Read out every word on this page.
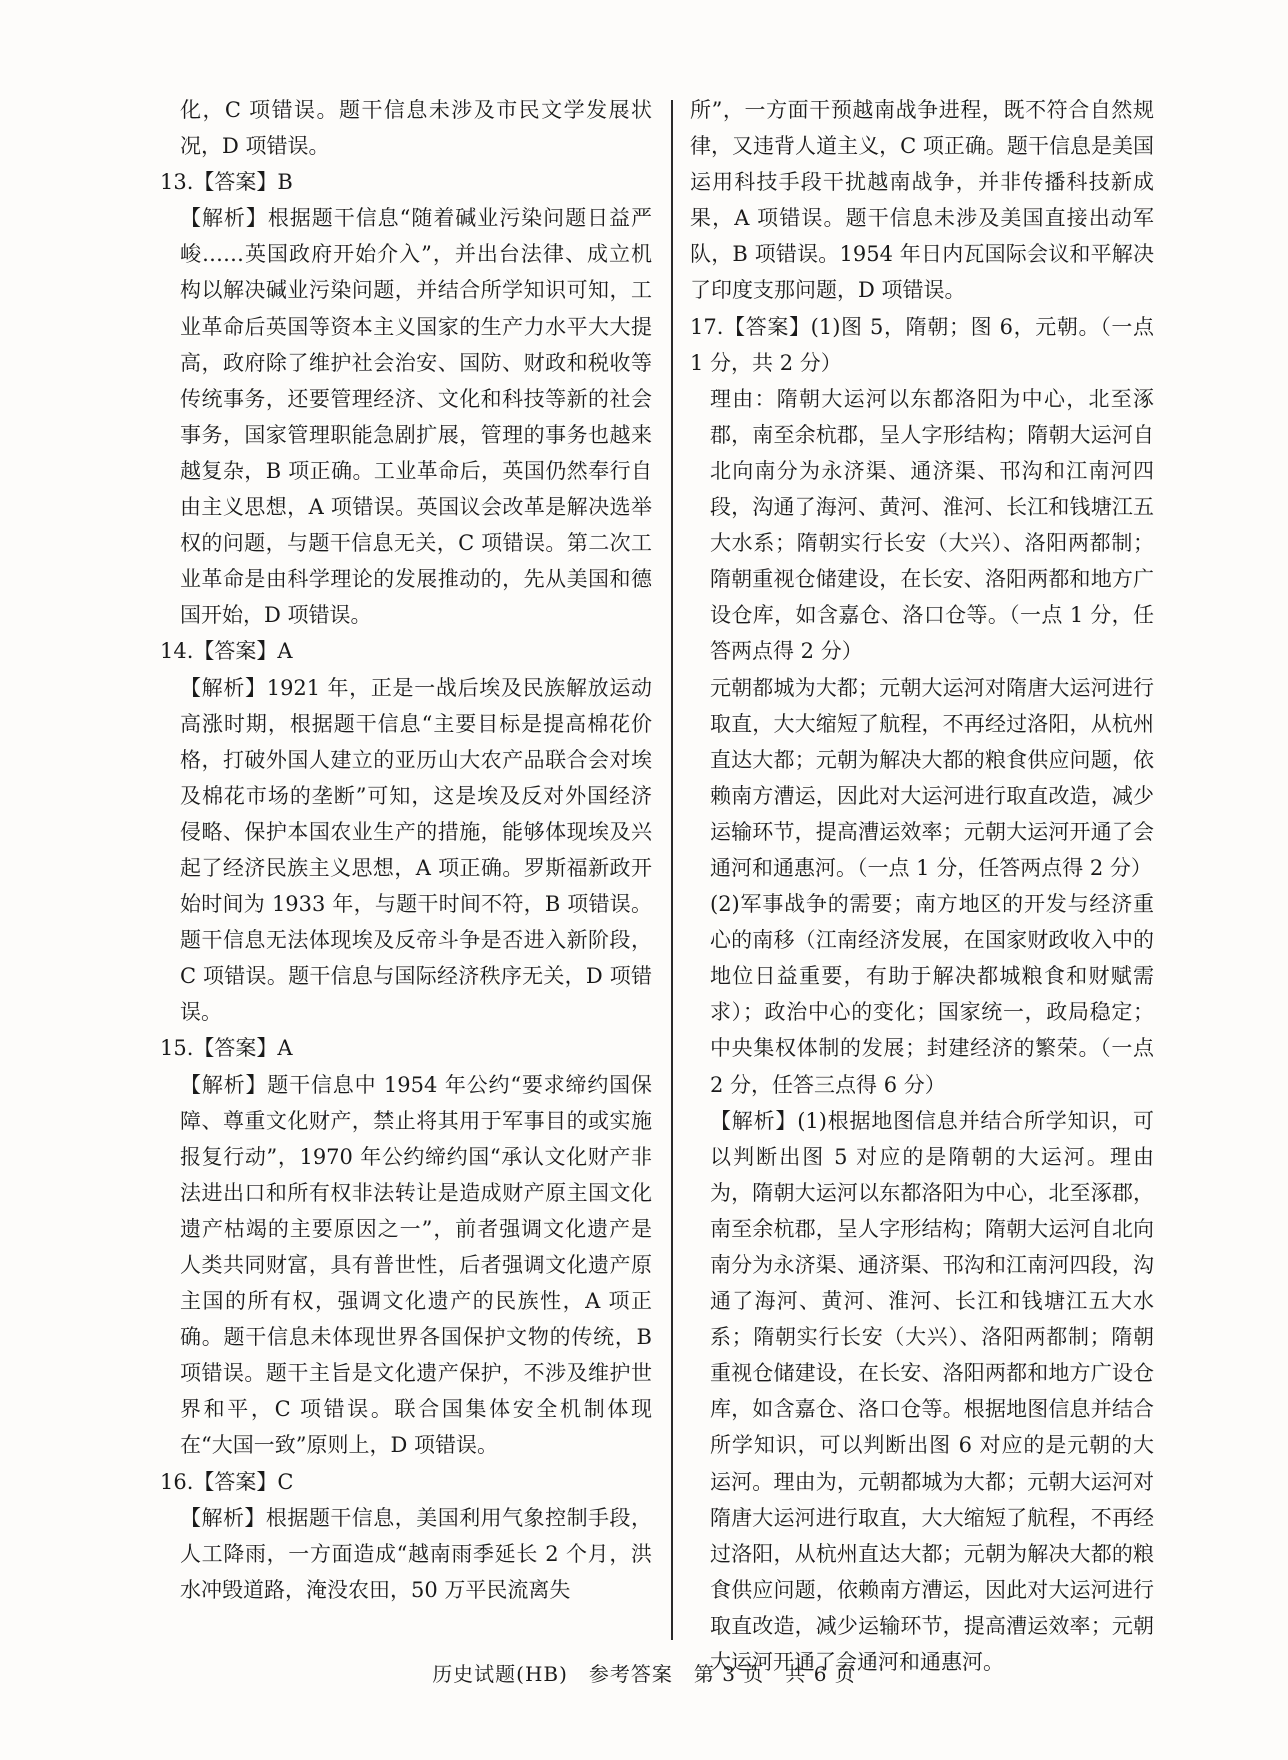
化，C 项错误。题干信息未涉及市民文学发展状况，D 项错误。

13.【答案】B

【解析】根据题干信息“随着碱业污染问题日益严峻……英国政府开始介入”，并出台法律、成立机构以解决碱业污染问题，并结合所学知识可知，工业革命后英国等资本主义国家的生产力水平大大提高，政府除了维护社会治安、国防、财政和税收等传统事务，还要管理经济、文化和科技等新的社会事务，国家管理职能急剧扩展，管理的事务也越来越复杂，B 项正确。工业革命后，英国仍然奉行自由主义思想，A 项错误。英国议会改革是解决选举权的问题，与题干信息无关，C 项错误。第二次工业革命是由科学理论的发展推动的，先从美国和德国开始，D 项错误。

14.【答案】A

【解析】1921 年，正是一战后埃及民族解放运动高涨时期，根据题干信息“主要目标是提高棉花价格，打破外国人建立的亚历山大农产品联合会对埃及棉花市场的垄断”可知，这是埃及反对外国经济侵略、保护本国农业生产的措施，能够体现埃及兴起了经济民族主义思想，A 项正确。罗斯福新政开始时间为 1933 年，与题干时间不符，B 项错误。题干信息无法体现埃及反帝斗争是否进入新阶段，C 项错误。题干信息与国际经济秩序无关，D 项错误。

15.【答案】A

【解析】题干信息中 1954 年公约“要求缔约国保障、尊重文化财产，禁止将其用于军事目的或实施报复行动”，1970 年公约缔约国“承认文化财产非法进出口和所有权非法转让是造成财产原主国文化遗产枯竭的主要原因之一”，前者强调文化遗产是人类共同财富，具有普世性，后者强调文化遗产原主国的所有权，强调文化遗产的民族性，A 项正确。题干信息未体现世界各国保护文物的传统，B 项错误。题干主旨是文化遗产保护，不涉及维护世界和平，C 项错误。联合国集体安全机制体现在“大国一致”原则上，D 项错误。

16.【答案】C

【解析】根据题干信息，美国利用气象控制手段，人工降雨，一方面造成“越南雨季延长 2 个月，洪水冲毁道路，淹没农田，50 万平民流离失

所”，一方面干预越南战争进程，既不符合自然规律，又违背人道主义，C 项正确。题干信息是美国运用科技手段干扰越南战争，并非传播科技新成果，A 项错误。题干信息未涉及美国直接出动军队，B 项错误。1954 年日内瓦国际会议和平解决了印度支那问题，D 项错误。

17.【答案】(1)图 5，隋朝；图 6，元朝。（一点 1 分，共 2 分）

理由：隋朝大运河以东都洛阳为中心，北至涿郡，南至余杭郡，呈人字形结构；隋朝大运河自北向南分为永济渠、通济渠、邗沟和江南河四段，沟通了海河、黄河、淮河、长江和钱塘江五大水系；隋朝实行长安（大兴）、洛阳两都制；隋朝重视仓储建设，在长安、洛阳两都和地方广设仓库，如含嘉仓、洛口仓等。（一点 1 分，任答两点得 2 分）

元朝都城为大都；元朝大运河对隋唐大运河进行取直，大大缩短了航程，不再经过洛阳，从杭州直达大都；元朝为解决大都的粮食供应问题，依赖南方漕运，因此对大运河进行取直改造，减少运输环节，提高漕运效率；元朝大运河开通了会通河和通惠河。（一点 1 分，任答两点得 2 分）

(2)军事战争的需要；南方地区的开发与经济重心的南移（江南经济发展，在国家财政收入中的地位日益重要，有助于解决都城粮食和财赋需求）；政治中心的变化；国家统一，政局稳定；中央集权体制的发展；封建经济的繁荣。（一点 2 分，任答三点得 6 分）

【解析】(1)根据地图信息并结合所学知识，可以判断出图 5 对应的是隋朝的大运河。理由为，隋朝大运河以东都洛阳为中心，北至涿郡，南至余杭郡，呈人字形结构；隋朝大运河自北向南分为永济渠、通济渠、邗沟和江南河四段，沟通了海河、黄河、淮河、长江和钱塘江五大水系；隋朝实行长安（大兴）、洛阳两都制；隋朝重视仓储建设，在长安、洛阳两都和地方广设仓库，如含嘉仓、洛口仓等。根据地图信息并结合所学知识，可以判断出图 6 对应的是元朝的大运河。理由为，元朝都城为大都；元朝大运河对隋唐大运河进行取直，大大缩短了航程，不再经过洛阳，从杭州直达大都；元朝为解决大都的粮食供应问题，依赖南方漕运，因此对大运河进行取直改造，减少运输环节，提高漕运效率；元朝大运河开通了会通河和通惠河。

历史试题(HB)　参考答案　第 3 页　共 6 页
